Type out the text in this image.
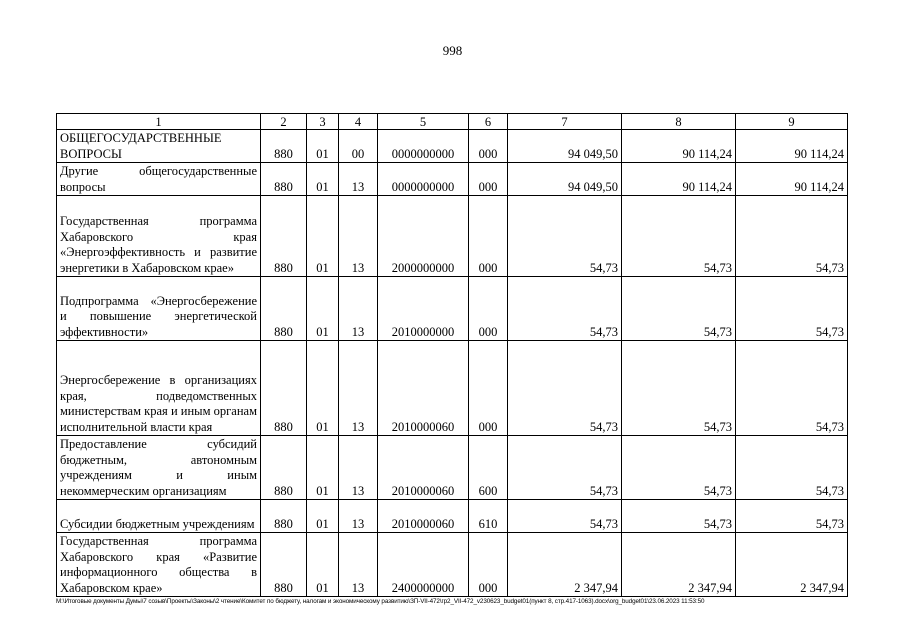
998
1	2	3	4	5	6	7	8	9
ОБЩЕГОСУДАРСТВЕННЫЕ ВОПРОСЫ	880	01	00	0000000000	000	94 049,50	90 114,24	90 114,24
Другие общегосударственные вопросы	880	01	13	0000000000	000	94 049,50	90 114,24	90 114,24
Государственная программа Хабаровского края «Энергоэффективность и развитие энергетики в Хабаровском крае»	880	01	13	2000000000	000	54,73	54,73	54,73
Подпрограмма «Энергосбережение и повышение энергетической эффективности»	880	01	13	2010000000	000	54,73	54,73	54,73
Энергосбережение в организациях края, подведомственных министерствам края и иным органам исполнительной власти края	880	01	13	2010000060	000	54,73	54,73	54,73
Предоставление субсидий бюджетным, автономным учреждениям и иным некоммерческим организациям	880	01	13	2010000060	600	54,73	54,73	54,73
Субсидии бюджетным учреждениям	880	01	13	2010000060	610	54,73	54,73	54,73
Государственная программа Хабаровского края «Развитие информационного общества в Хабаровском крае»	880	01	13	2400000000	000	2 347,94	2 347,94	2 347,94
М:\Итоговые документы Думы\7 созыв\Проекты\Законы\2 чтение\Комитет по бюджету, налогам и экономическому развитию\ЗП-VII-472\гр2_VII-472_v230623_budget01(пункт 8, стр.417-1063).docx\org_budget01\23.06.2023 11:53:50
